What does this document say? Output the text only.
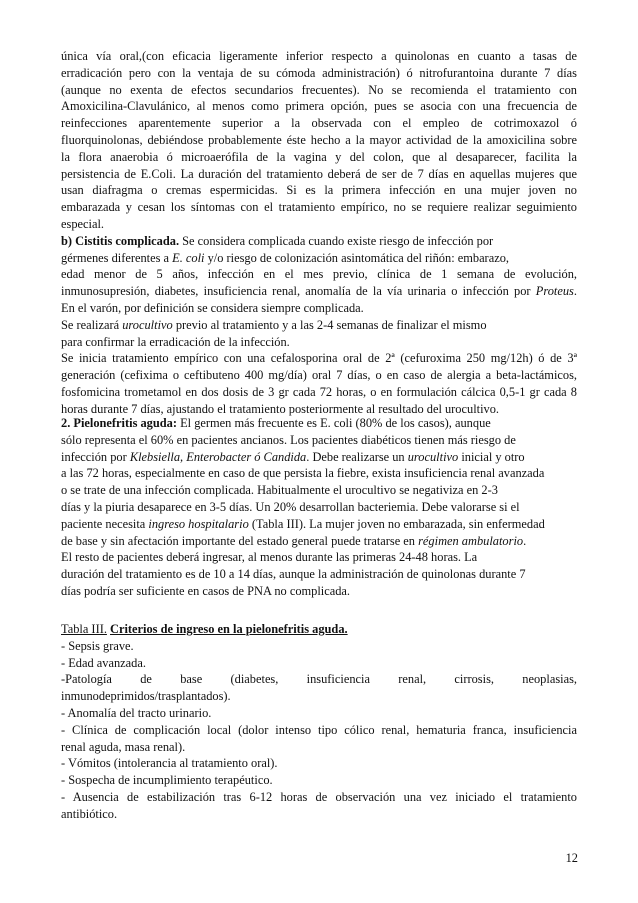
única vía oral,(con eficacia ligeramente inferior respecto a quinolonas en cuanto a tasas de
erradicación pero con la ventaja de su cómoda administración) ó nitrofurantoina durante 7 días
(aunque no exenta de efectos secundarios frecuentes). No se recomienda el tratamiento con
Amoxicilina-Clavulánico, al menos como primera opción, pues se asocia con una frecuencia de
reinfecciones aparentemente superior a la observada con el empleo de cotrimoxazol ó
fluorquinolonas, debiéndose probablemente éste hecho a la mayor actividad de la amoxicilina sobre
la flora anaerobia ó microaerófila de la vagina y del colon, que al desaparecer, facilita la
persistencia de E.Coli. La duración del tratamiento deberá de ser de 7 días en aquellas mujeres que
usan diafragma o cremas espermicidas. Si es la primera infección en una mujer joven no
embarazada y cesan los síntomas con el tratamiento empírico, no se requiere realizar seguimiento
especial.
b) Cistitis complicada. Se considera complicada cuando existe riesgo de infección por
gérmenes diferentes a E. coli y/o riesgo de colonización asintomática del riñón: embarazo,
edad menor de 5 años, infección en el mes previo, clínica de 1 semana de evolución,
inmunosupresión, diabetes, insuficiencia renal, anomalía de la vía urinaria o infección por Proteus.
En el varón, por definición se considera siempre complicada.
Se realizará urocultivo previo al tratamiento y a las 2-4 semanas de finalizar el mismo
para confirmar la erradicación de la infección.
Se inicia tratamiento empírico con una cefalosporina oral de 2ª (cefuroxima 250 mg/12h) ó de 3ª
generación (cefixima o ceftibuteno 400 mg/día) oral 7 días, o en caso de alergia a beta-lactámicos,
fosfomicina trometamol en dos dosis de 3 gr cada 72 horas, o en formulación cálcica 0,5-1 gr cada 8
horas durante 7 días, ajustando el tratamiento posteriormente al resultado del urocultivo.
2. Pielonefritis aguda: El germen más frecuente es E. coli (80% de los casos), aunque
sólo representa el 60% en pacientes ancianos. Los pacientes diabéticos tienen más riesgo de
infección por Klebsiella, Enterobacter ó Candida. Debe realizarse un urocultivo inicial y otro
a las 72 horas, especialmente en caso de que persista la fiebre, exista insuficiencia renal avanzada
o se trate de una infección complicada. Habitualmente el urocultivo se negativiza en 2-3
días y la piuria desaparece en 3-5 días. Un 20% desarrollan bacteriemia. Debe valorarse si el
paciente necesita ingreso hospitalario (Tabla III). La mujer joven no embarazada, sin enfermedad
de base y sin afectación importante del estado general puede tratarse en régimen ambulatorio.
El resto de pacientes deberá ingresar, al menos durante las primeras 24-48 horas. La
duración del tratamiento es de 10 a 14 días, aunque la administración de quinolonas durante 7
días podría ser suficiente en casos de PNA no complicada.
Tabla III. Criterios de ingreso en la pielonefritis aguda.
- Sepsis grave.
- Edad avanzada.
-Patología de base (diabetes, insuficiencia renal, cirrosis, neoplasias,
inmunodeprimidos/trasplantados).
- Anomalía del tracto urinario.
- Clínica de complicación local (dolor intenso tipo cólico renal, hematuria franca, insuficiencia
renal aguda, masa renal).
- Vómitos (intolerancia al tratamiento oral).
- Sospecha de incumplimiento terapéutico.
- Ausencia de estabilización tras 6-12 horas de observación una vez iniciado el tratamiento
antibiótico.
12
